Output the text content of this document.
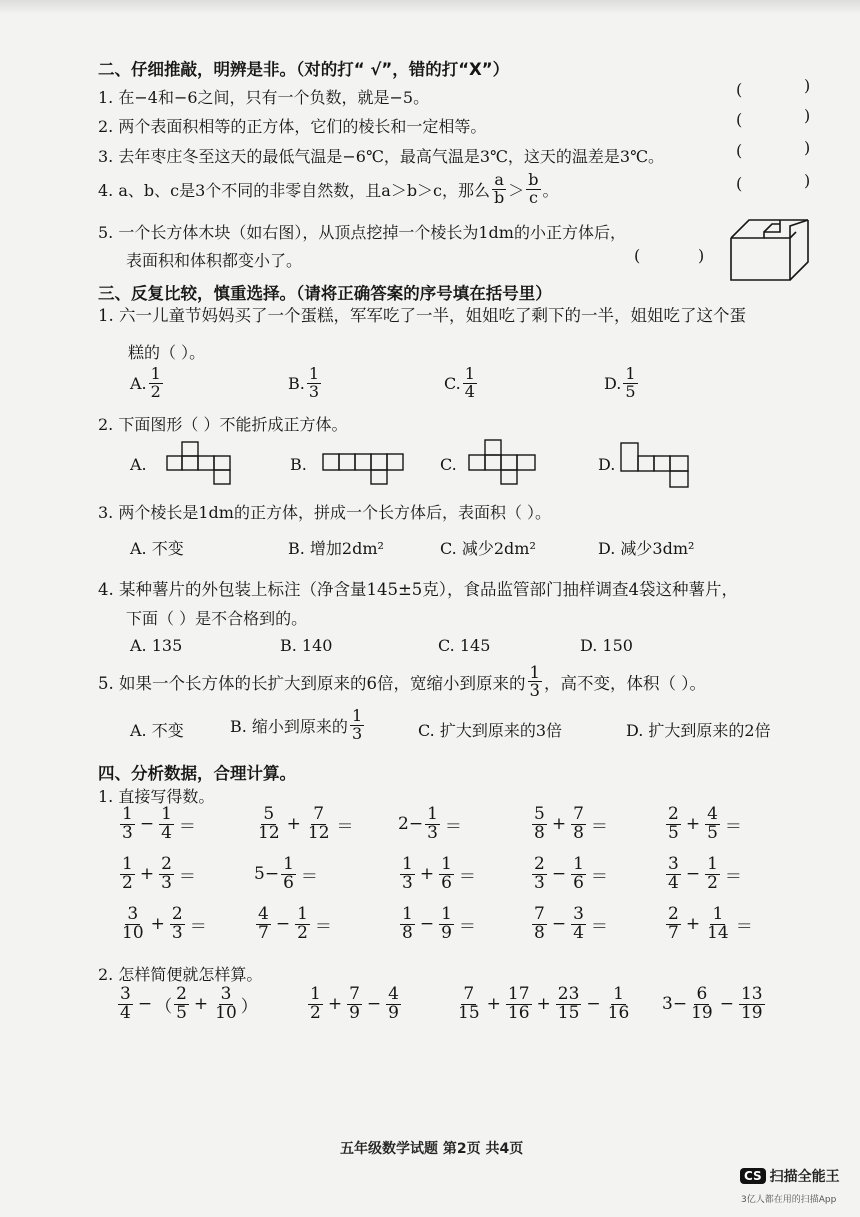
二、仔细推敲，明辨是非。（对的打“ √”，错的打“X”）
1. 在−4和−6之间，只有一个负数，就是−5。
2. 两个表面积相等的正方体，它们的棱长和一定相等。
3. 去年枣庄冬至这天的最低气温是−6℃，最高气温是3℃，这天的温差是3℃。
4. a、b、c是3个不同的非零自然数，且a＞b＞c，那么 $\frac{a}{b} > \frac{b}{c}$ 。
5. 一个长方体木块（如右图），从顶点挖掉一个棱长为1dm的小正方体后，
表面积和体积都变小了。
(	)
(	)
(	)
(	)
(	)
三、反复比较，慎重选择。（请将正确答案的序号填在括号里）
1. 六一儿童节妈妈买了一个蛋糕，军军吃了一半，姐姐吃了剩下的一半，姐姐吃了这个蛋
糕的（ ）。
A. $\frac{1}{2}$	B. $\frac{1}{3}$	C. $\frac{1}{4}$	D. $\frac{1}{5}$
2. 下面图形（ ）不能折成正方体。
A.	B.	C.	D.
3. 两个棱长是1dm的正方体，拼成一个长方体后，表面积（ ）。
A. 不变	B. 增加2dm²	C. 减少2dm²	D. 减少3dm²
4. 某种薯片的外包装上标注（净含量145±5克），食品监管部门抽样调查4袋这种薯片，
下面（ ）是不合格到的。
A. 135	B. 140	C. 145	D. 150
5. 如果一个长方体的长扩大到原来的6倍，宽缩小到原来的 $\frac{1}{3}$ ，高不变，体积（ ）。
A. 不变	B. 缩小到原来的 $\frac{1}{3}$	C. 扩大到原来的3倍	D. 扩大到原来的2倍
四、分析数据，合理计算。
1. 直接写得数。
$\frac{1}{3} - \frac{1}{4}$ ＝	$\frac{5}{12} + \frac{7}{12}$ ＝	$2- \frac{1}{3}$ ＝	$\frac{5}{8} + \frac{7}{8}$ ＝	$\frac{2}{5} + \frac{4}{5}$ ＝
$\frac{1}{2} + \frac{2}{3}$ ＝	$5- \frac{1}{6}$ ＝	$\frac{1}{3} + \frac{1}{6}$ ＝	$\frac{2}{3} - \frac{1}{6}$ ＝	$\frac{3}{4} - \frac{1}{2}$ ＝
$\frac{3}{10} + \frac{2}{3}$ ＝	$\frac{4}{7} - \frac{1}{2}$ ＝	$\frac{1}{8} - \frac{1}{9}$ ＝	$\frac{7}{8} - \frac{3}{4}$ ＝	$\frac{2}{7} + \frac{1}{14}$ ＝
2. 怎样简便就怎样算。
$\frac{3}{4}$ − （ $\frac{2}{5} + \frac{3}{10}$ ）	$\frac{1}{2} + \frac{7}{9} - \frac{4}{9}$	$\frac{7}{15} + \frac{17}{16} + \frac{23}{15} - \frac{1}{16} 3- \frac{6}{19} - \frac{13}{19}$
五年级数学试题 第2页 共4页
CS 扫描全能王
3亿人都在用的扫描App
